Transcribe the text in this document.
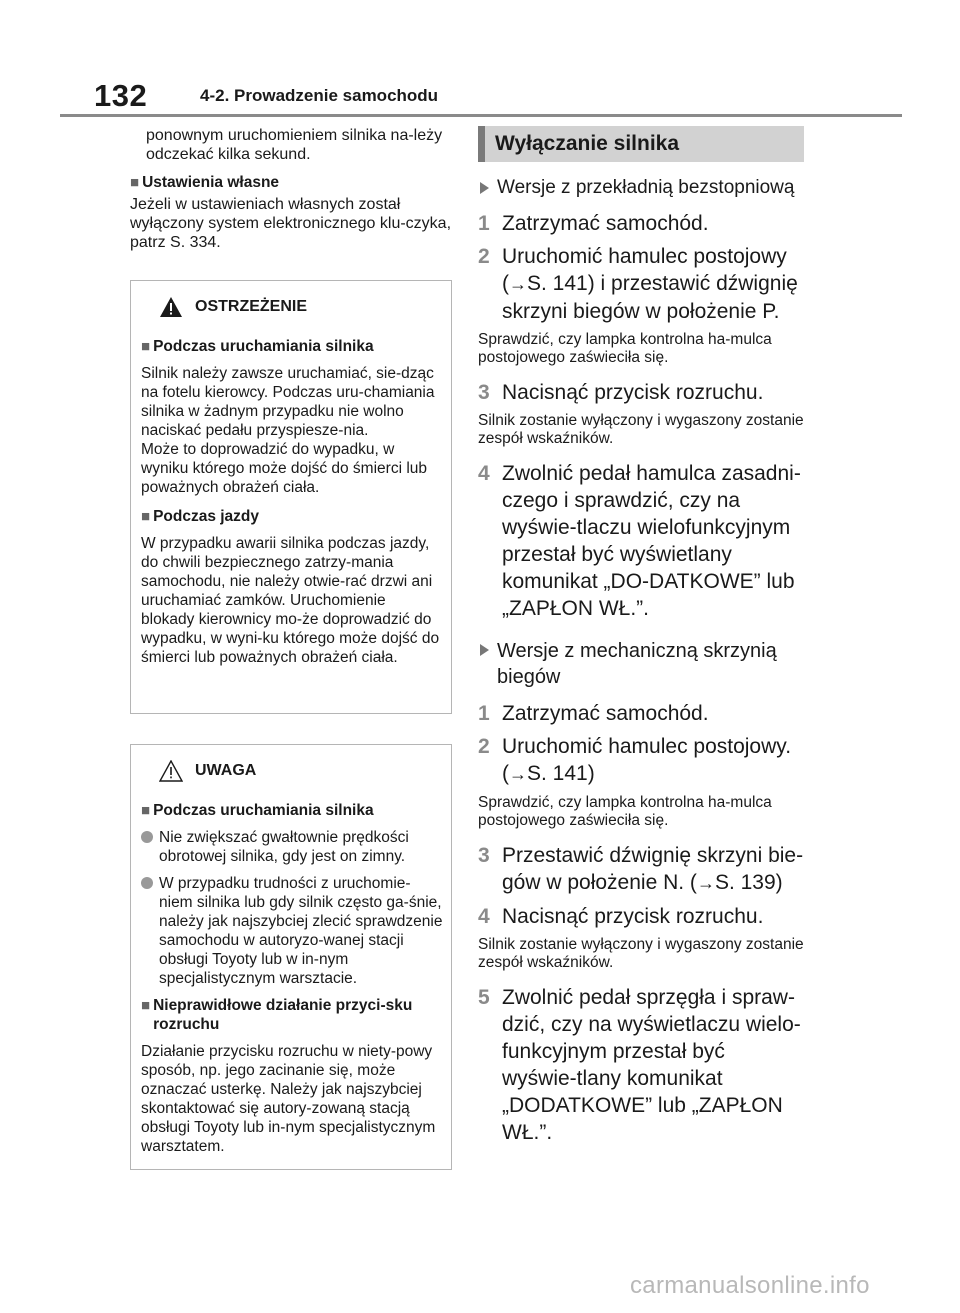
132	4-2. Prowadzenie samochodu

ponownym uruchomieniem silnika na-leży odczekać kilka sekund.

■ Ustawienia własne

Jeżeli w ustawieniach własnych został wyłączony system elektronicznego klu-czyka, patrz S. 334.

OSTRZEŻENIE
■ Podczas uruchamiania silnika

Silnik należy zawsze uruchamiać, sie-dząc na fotelu kierowcy. Podczas uru-chamiania silnika w żadnym przypadku nie wolno naciskać pedału przyspiesze-nia.

Może to doprowadzić do wypadku, w wyniku którego może dojść do śmierci lub poważnych obrażeń ciała.

■ Podczas jazdy

W przypadku awarii silnika podczas jazdy, do chwili bezpiecznego zatrzy-mania samochodu, nie należy otwie-rać drzwi ani uruchamiać zamków. Uruchomienie blokady kierownicy mo-że doprowadzić do wypadku, w wyni-ku którego może dojść do śmierci lub poważnych obrażeń ciała.

UWAGA
■ Podczas uruchamiania silnika
Nie zwiększać gwałtownie prędkości obrotowej silnika, gdy jest on zimny.
W przypadku trudności z uruchomie-niem silnika lub gdy silnik często ga-śnie, należy jak najszybciej zlecić sprawdzenie samochodu w autoryzo-wanej stacji obsługi Toyoty lub w in-nym specjalistycznym warsztacie.
■ Nieprawidłowe działanie przyci-sku rozruchu

Działanie przycisku rozruchu w niety-powy sposób, np. jego zacinanie się, może oznaczać usterkę. Należy jak najszybciej skontaktować się autory-zowaną stacją obsługi Toyoty lub in-nym specjalistycznym warsztatem.

Wyłączanie silnika
Wersje z przekładnią bezstopniową
1 Zatrzymać samochód.
2 Uruchomić hamulec postojowy (→S. 141) i przestawić dźwignię skrzyni biegów w położenie P.

Sprawdzić, czy lampka kontrolna ha-mulca postojowego zaświeciła się.

3 Nacisnąć przycisk rozruchu.

Silnik zostanie wyłączony i wygaszony zostanie zespół wskaźników.

4 Zwolnić pedał hamulca zasadni-czego i sprawdzić, czy na wyświe-tlaczu wielofunkcyjnym przestał być wyświetlany komunikat „DO-DATKOWE” lub „ZAPŁON WŁ.”.
Wersje z mechaniczną skrzynią biegów
1 Zatrzymać samochód.
2 Uruchomić hamulec postojowy. (→S. 141)

Sprawdzić, czy lampka kontrolna ha-mulca postojowego zaświeciła się.

3 Przestawić dźwignię skrzyni bie-gów w położenie N. (→S. 139)
4 Nacisnąć przycisk rozruchu.

Silnik zostanie wyłączony i wygaszony zostanie zespół wskaźników.

5 Zwolnić pedał sprzęgła i spraw-dzić, czy na wyświetlaczu wielo-funkcyjnym przestał być wyświe-tlany komunikat „DODATKOWE” lub „ZAPŁON WŁ.”.
carmanualsonline.info
